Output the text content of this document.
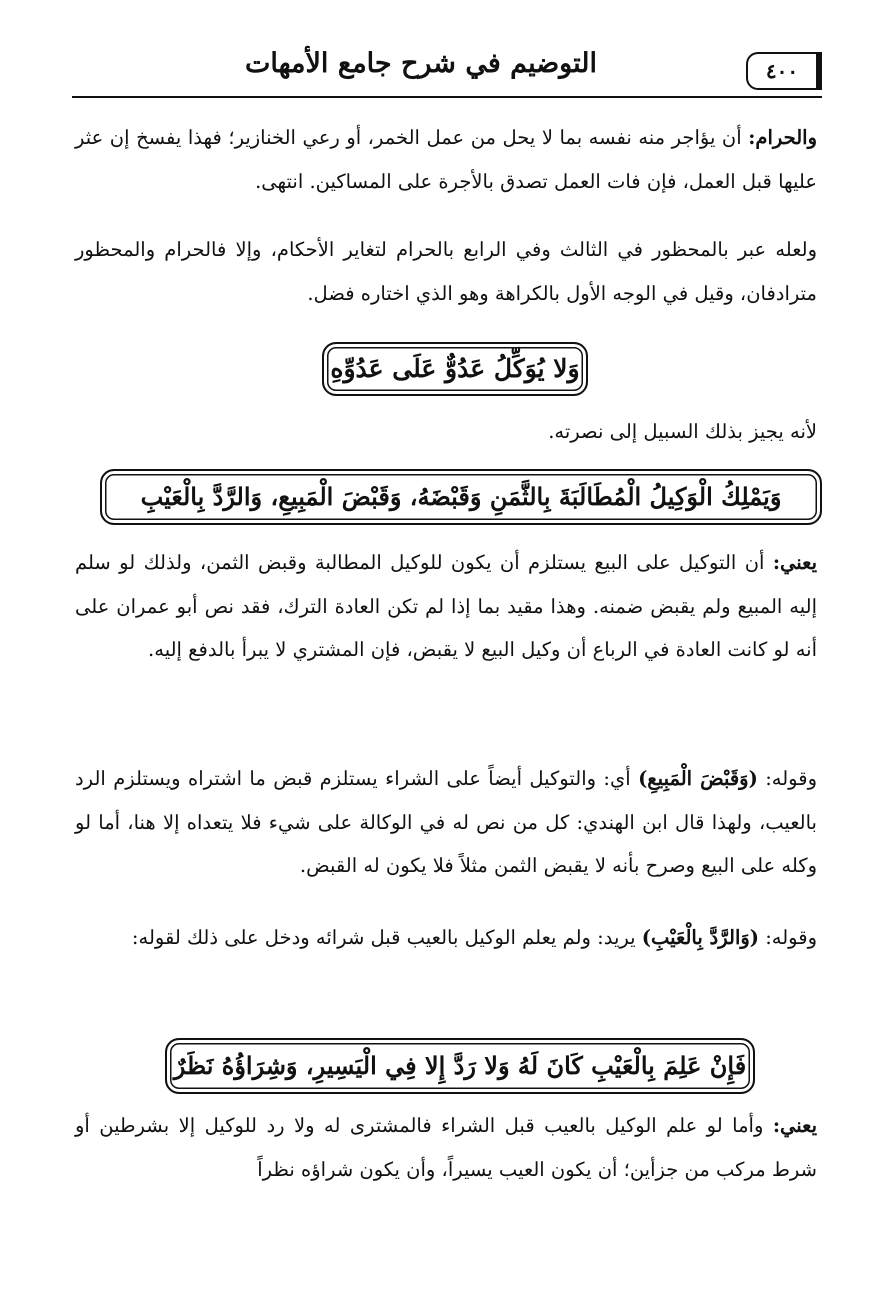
التوضيم في شرح جامع الأمهات	٤٠٠
والحرام: أن يؤاجر منه نفسه بما لا يحل من عمل الخمر، أو رعي الخنازير؛ فهذا يفسخ إن عثر عليها قبل العمل، فإن فات العمل تصدق بالأجرة على المساكين. انتهى.
ولعله عبر بالمحظور في الثالث وفي الرابع بالحرام لتغاير الأحكام، وإلا فالحرام والمحظور مترادفان، وقيل في الوجه الأول بالكراهة وهو الذي اختاره فضل.
وَلا يُوَكِّلُ عَدُوٌّ عَلَى عَدُوِّهِ
لأنه يجيز بذلك السبيل إلى نصرته.
وَيَمْلِكُ الْوَكِيلُ الْمُطَالَبَةَ بِالثَّمَنِ وَقَبْضَهُ، وَقَبْضَ الْمَبِيعِ، وَالرَّدَّ بِالْعَيْبِ
يعني: أن التوكيل على البيع يستلزم أن يكون للوكيل المطالبة وقبض الثمن، ولذلك لو سلم إليه المبيع ولم يقبض ضمنه. وهذا مقيد بما إذا لم تكن العادة الترك، فقد نص أبو عمران على أنه لو كانت العادة في الرباع أن وكيل البيع لا يقبض، فإن المشتري لا يبرأ بالدفع إليه.
وقوله: (وَقَبْضَ الْمَبِيعِ) أي: والتوكيل أيضاً على الشراء يستلزم قبض ما اشتراه ويستلزم الرد بالعيب، ولهذا قال ابن الهندي: كل من نص له في الوكالة على شيء فلا يتعداه إلا هنا، أما لو وكله على البيع وصرح بأنه لا يقبض الثمن مثلاً فلا يكون له القبض.
وقوله: (وَالرَّدَّ بِالْعَيْبِ) يريد: ولم يعلم الوكيل بالعيب قبل شرائه ودخل على ذلك لقوله:
فَإِنْ عَلِمَ بِالْعَيْبِ كَانَ لَهُ وَلا رَدَّ إِلا فِي الْيَسِيرِ، وَشِرَاؤُهُ نَظَرٌ
يعني: وأما لو علم الوكيل بالعيب قبل الشراء فالمشترى له ولا رد للوكيل إلا بشرطين أو شرط مركب من جزأين؛ أن يكون العيب يسيراً، وأن يكون شراؤه نظراً
